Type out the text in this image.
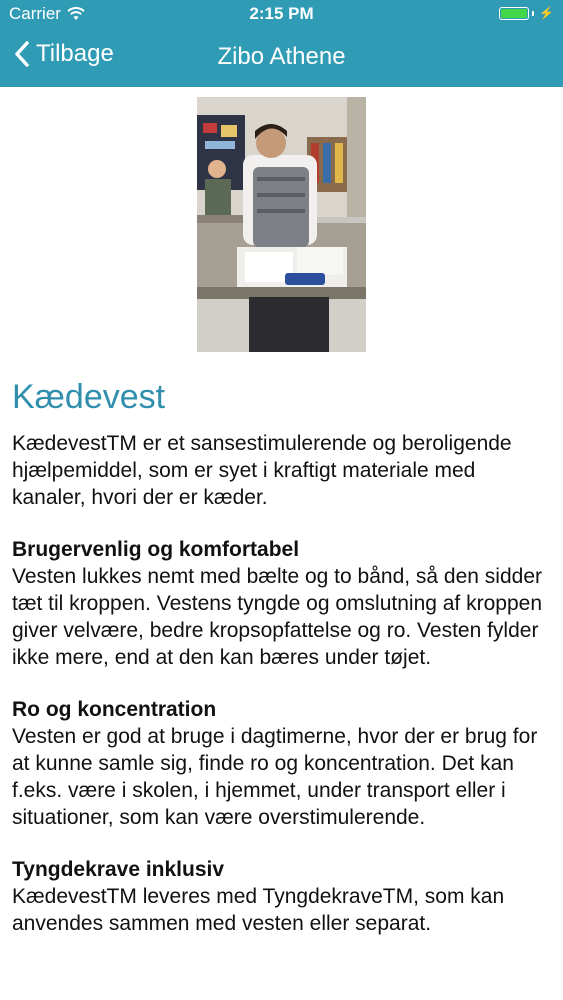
Carrier	2:15 PM	⚡
Tilbage	Zibo Athene
Kædevest

KædevestTM er et sansestimulerende og beroligende hjælpemiddel, som er syet i kraftigt materiale med kanaler, hvori der er kæder.

Brugervenlig og komfortabel

Vesten lukkes nemt med bælte og to bånd, så den sidder tæt til kroppen. Vestens tyngde og omslutning af kroppen giver velvære, bedre kropsopfattelse og ro. Vesten fylder ikke mere, end at den kan bæres under tøjet.

Ro og koncentration

Vesten er god at bruge i dagtimerne, hvor der er brug for at kunne samle sig, finde ro og koncentration. Det kan f.eks. være i skolen, i hjemmet, under transport eller i situationer, som kan være overstimulerende.

Tyngdekrave inklusiv

KædevestTM leveres med TyngdekraveTM, som kan anvendes sammen med vesten eller separat.
